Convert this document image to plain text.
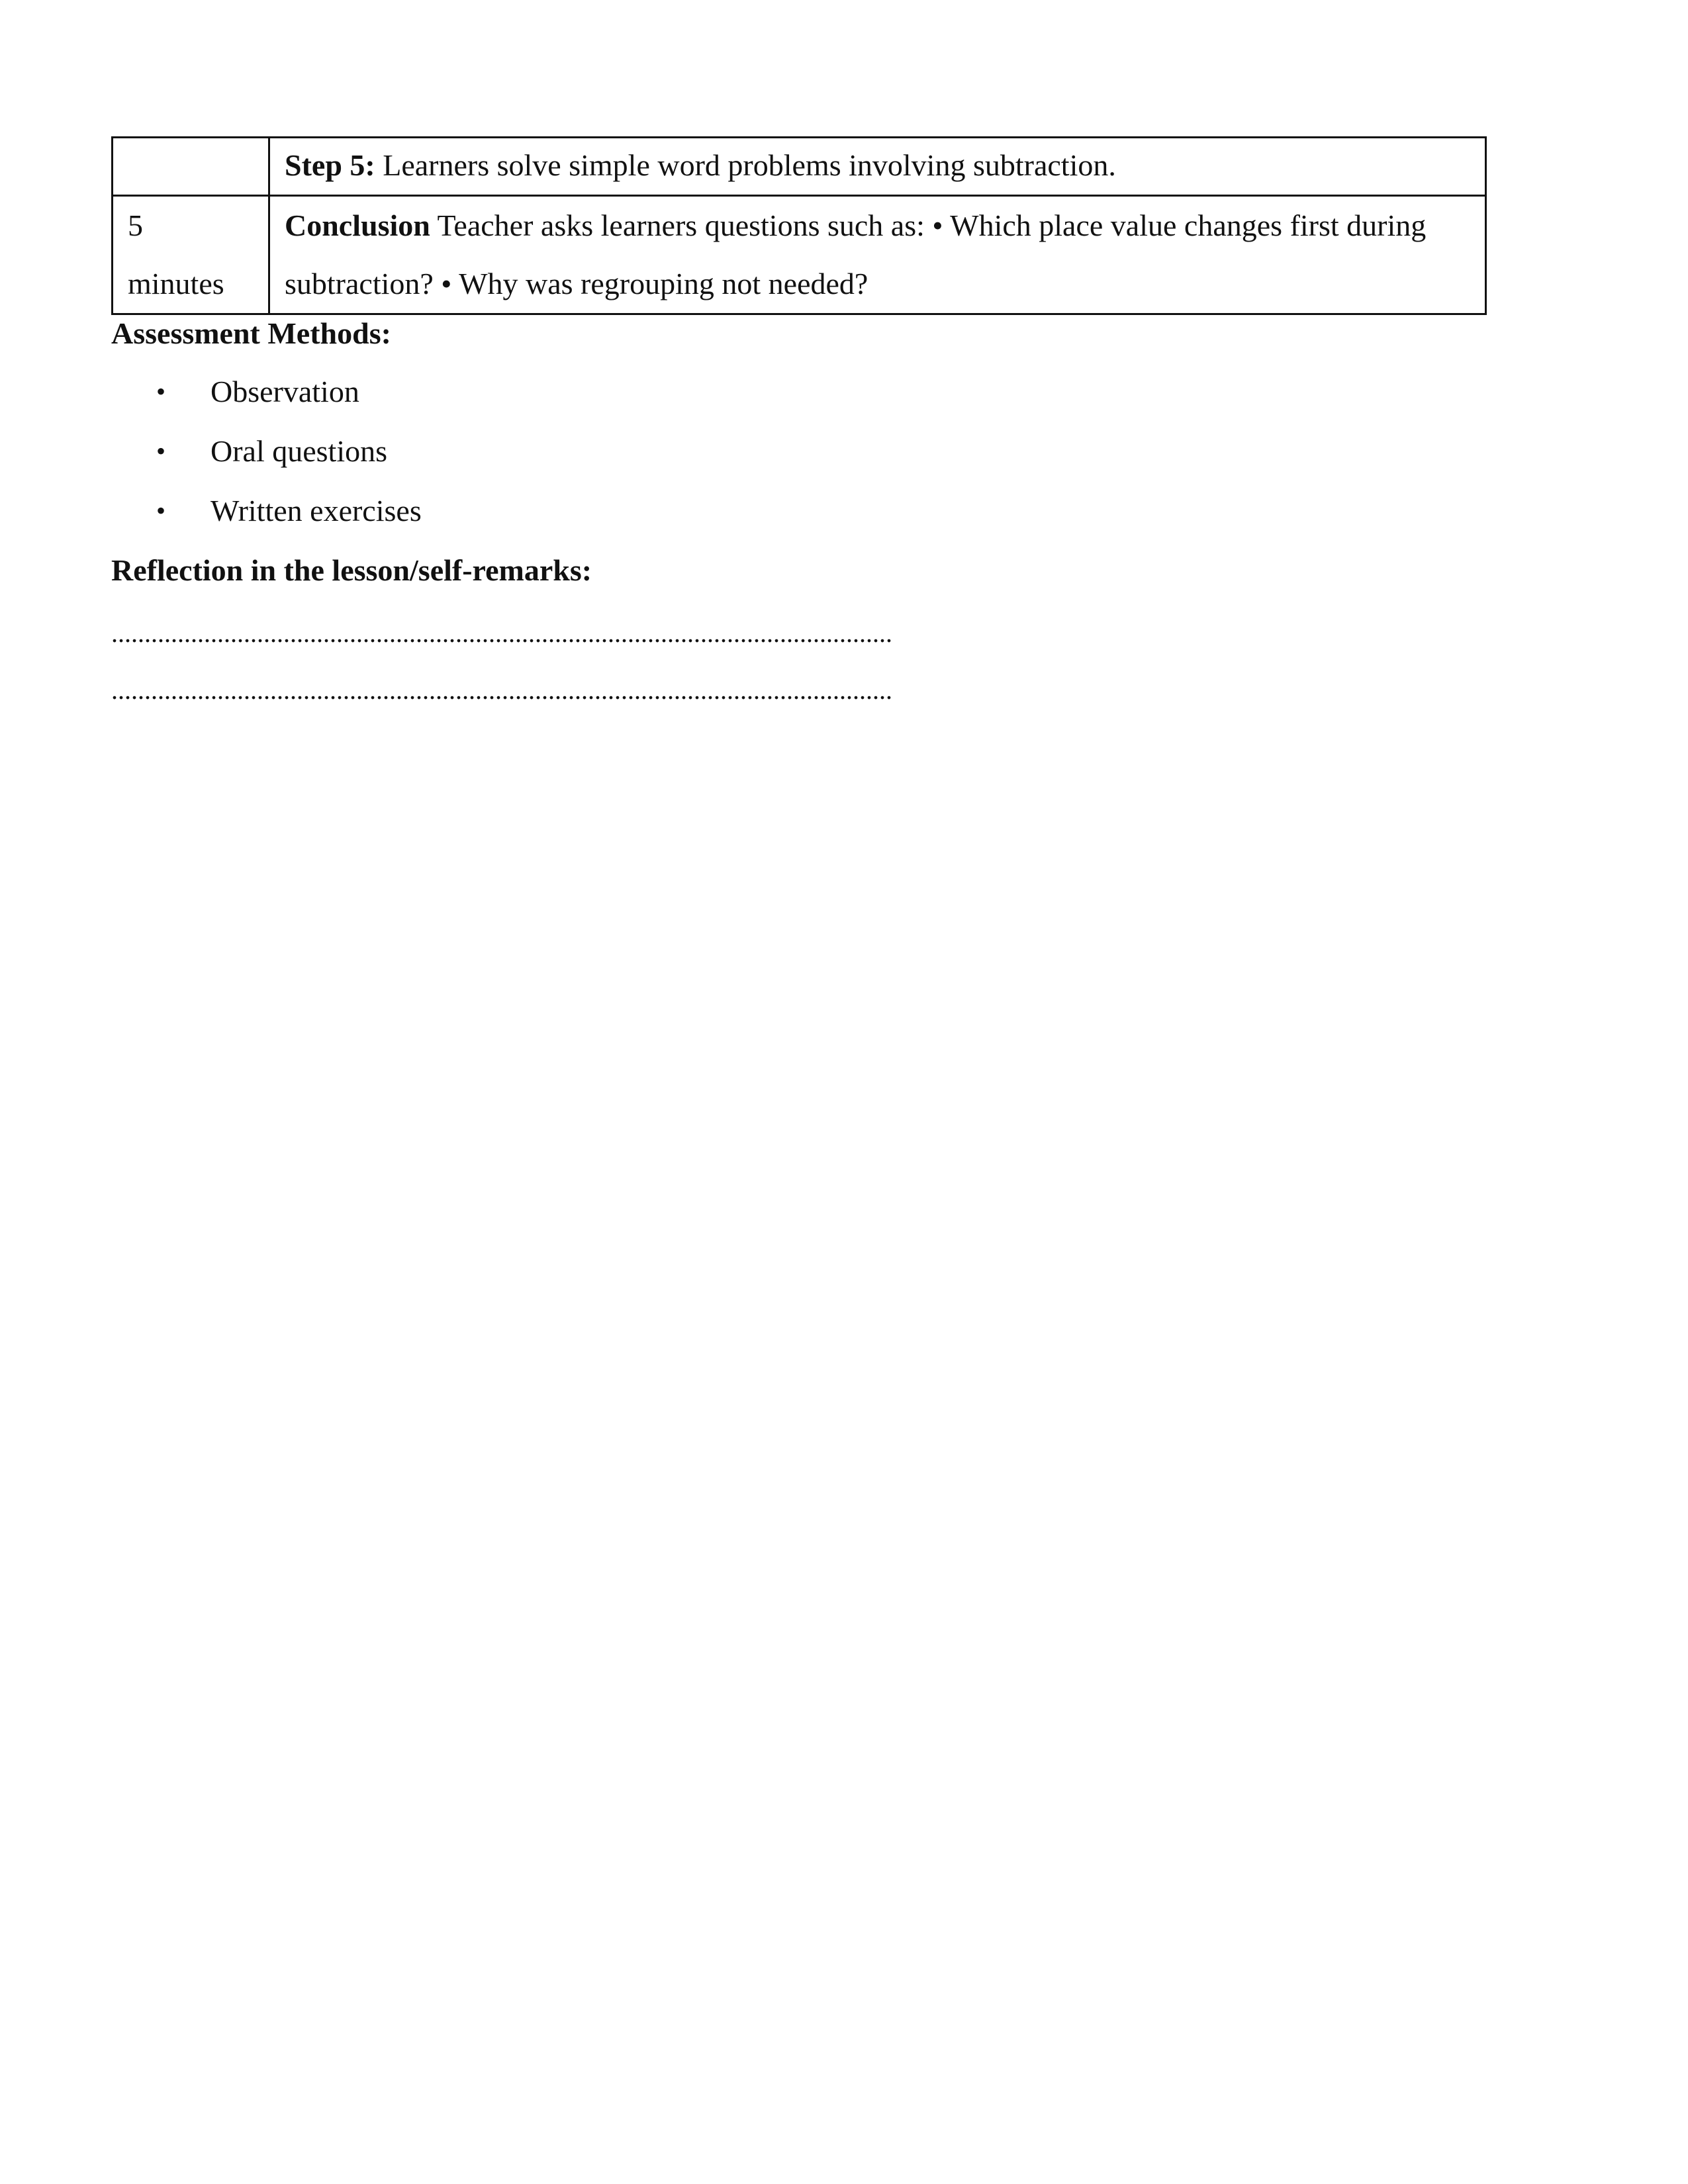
	Step 5: Learners solve simple word problems involving subtraction.

5
minutes	Conclusion Teacher asks learners questions such as: • Which place value changes first during subtraction? • Why was regrouping not needed?
Assessment Methods:
•	Observation
•	Oral questions
•	Written exercises
Reflection in the lesson/self-remarks:
......................................................................................................................
......................................................................................................................
